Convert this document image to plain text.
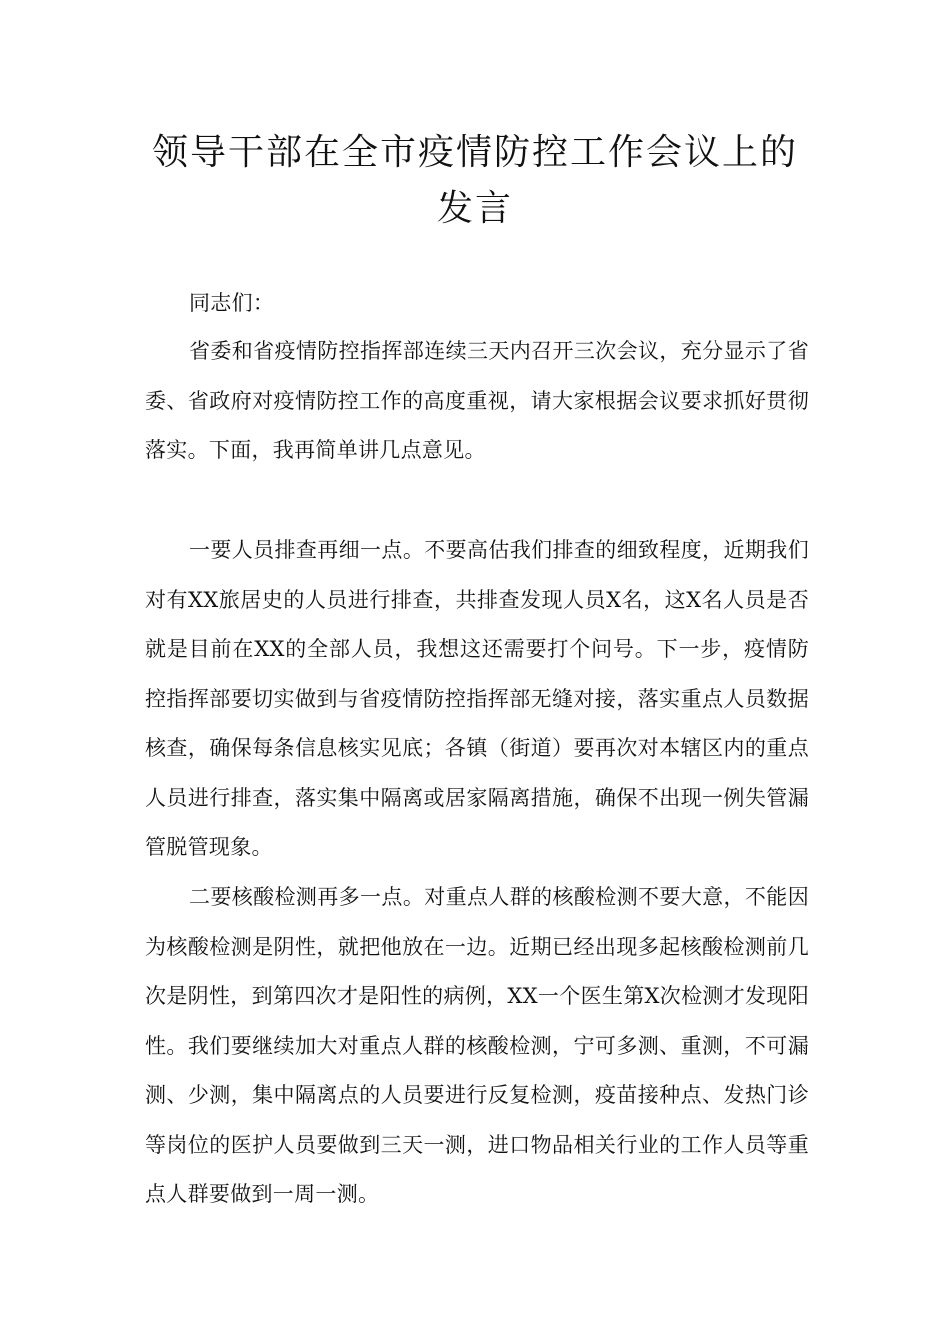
领导干部在全市疫情防控工作会议上的
发言

同志们：

省委和省疫情防控指挥部连续三天内召开三次会议，充分显示了省委、省政府对疫情防控工作的高度重视，请大家根据会议要求抓好贯彻落实。下面，我再简单讲几点意见。

一要人员排查再细一点。不要高估我们排查的细致程度，近期我们对有XX旅居史的人员进行排查，共排查发现人员X名，这X名人员是否就是目前在XX的全部人员，我想这还需要打个问号。下一步，疫情防控指挥部要切实做到与省疫情防控指挥部无缝对接，落实重点人员数据核查，确保每条信息核实见底；各镇（街道）要再次对本辖区内的重点人员进行排查，落实集中隔离或居家隔离措施，确保不出现一例失管漏管脱管现象。

二要核酸检测再多一点。对重点人群的核酸检测不要大意，不能因为核酸检测是阴性，就把他放在一边。近期已经出现多起核酸检测前几次是阴性，到第四次才是阳性的病例，XX一个医生第X次检测才发现阳性。我们要继续加大对重点人群的核酸检测，宁可多测、重测，不可漏测、少测，集中隔离点的人员要进行反复检测，疫苗接种点、发热门诊等岗位的医护人员要做到三天一测，进口物品相关行业的工作人员等重点人群要做到一周一测。
